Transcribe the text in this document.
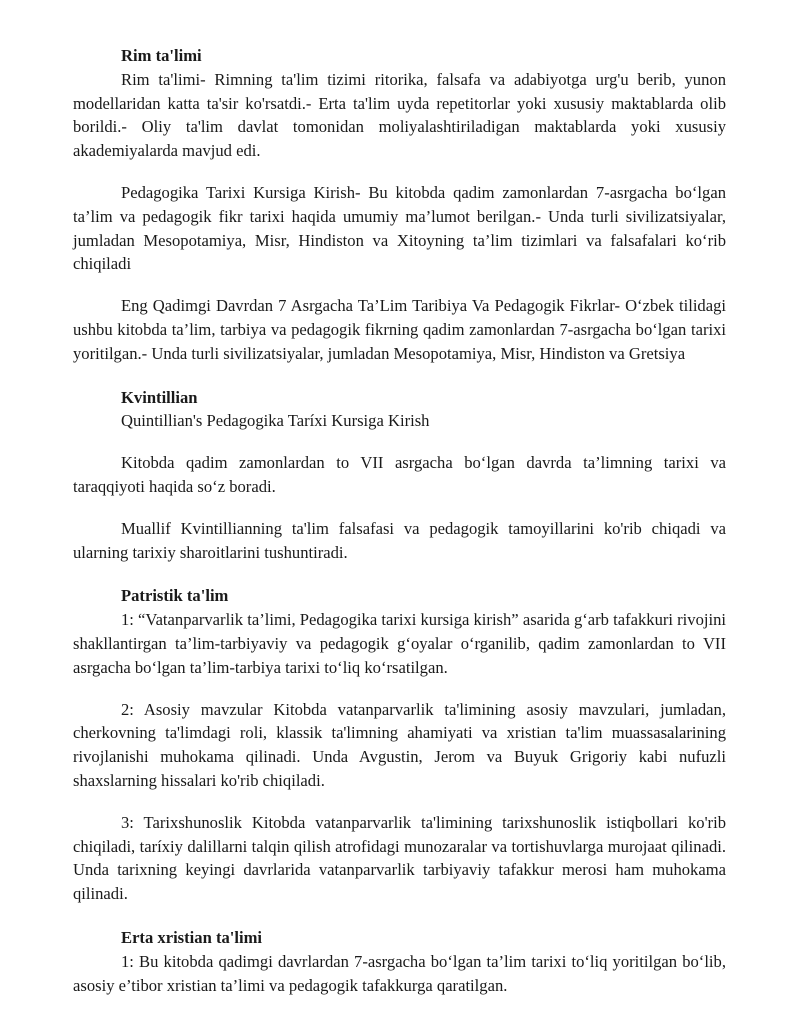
Rim ta'limi

Rim ta'limi- Rimning ta'lim tizimi ritorika, falsafa va adabiyotga urg'u berib, yunon modellaridan katta ta'sir ko'rsatdi.- Erta ta'lim uyda repetitorlar yoki xususiy maktablarda olib borildi.- Oliy ta'lim davlat tomonidan moliyalashtiriladigan maktablarda yoki xususiy akademiyalarda mavjud edi.

Pedagogika Tarixi Kursiga Kirish- Bu kitobda qadim zamonlardan 7-asrgacha bo‘lgan ta’lim va pedagogik fikr tarixi haqida umumiy ma’lumot berilgan.- Unda turli sivilizatsiyalar, jumladan Mesopotamiya, Misr, Hindiston va Xitoyning ta’lim tizimlari va falsafalari ko‘rib chiqiladi

Eng Qadimgi Davrdan 7 Asrgacha Ta’Lim Taribiya Va Pedagogik Fikrlar- O‘zbek tilidagi ushbu kitobda ta’lim, tarbiya va pedagogik fikrning qadim zamonlardan 7-asrgacha bo‘lgan tarixi yoritilgan.- Unda turli sivilizatsiyalar, jumladan Mesopotamiya, Misr, Hindiston va Gretsiya

Kvintillian

Quintillian's Pedagogika Taríxi Kursiga Kirish

Kitobda qadim zamonlardan to VII asrgacha bo‘lgan davrda ta’limning tarixi va taraqqiyoti haqida so‘z boradi.

Muallif Kvintillianning ta'lim falsafasi va pedagogik tamoyillarini ko'rib chiqadi va ularning tarixiy sharoitlarini tushuntiradi.

Patristik ta'lim

1: “Vatanparvarlik ta’limi, Pedagogika tarixi kursiga kirish” asarida g‘arb tafakkuri rivojini shakllantirgan ta’lim-tarbiyaviy va pedagogik g‘oyalar o‘rganilib, qadim zamonlardan to VII asrgacha bo‘lgan ta’lim-tarbiya tarixi to‘liq ko‘rsatilgan.

2: Asosiy mavzular Kitobda vatanparvarlik ta'limining asosiy mavzulari, jumladan, cherkovning ta'limdagi roli, klassik ta'limning ahamiyati va xristian ta'lim muassasalarining rivojlanishi muhokama qilinadi. Unda Avgustin, Jerom va Buyuk Grigoriy kabi nufuzli shaxslarning hissalari ko'rib chiqiladi.

3: Tarixshunoslik Kitobda vatanparvarlik ta'limining tarixshunoslik istiqbollari ko'rib chiqiladi, taríxiy dalillarni talqin qilish atrofidagi munozaralar va tortishuvlarga murojaat qilinadi. Unda tarixning keyingi davrlarida vatanparvarlik tarbiyaviy tafakkur merosi ham muhokama qilinadi.

Erta xristian ta'limi

1: Bu kitobda qadimgi davrlardan 7-asrgacha bo‘lgan ta’lim tarixi to‘liq yoritilgan bo‘lib, asosiy e’tibor xristian ta’limi va pedagogik tafakkurga qaratilgan.
